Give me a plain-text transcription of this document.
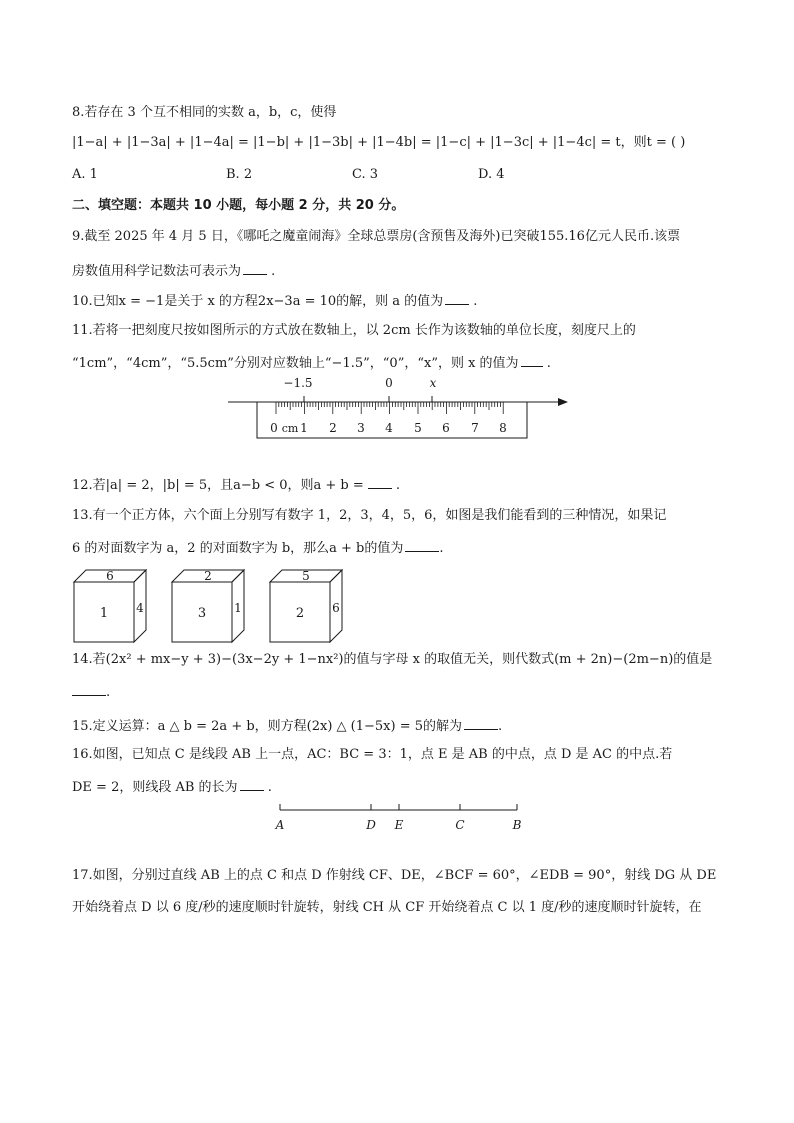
8.若存在 3 个互不相同的实数 a，b，c，使得
|1−a| + |1−3a| + |1−4a| = |1−b| + |1−3b| + |1−4b| = |1−c| + |1−3c| + |1−4c| = t，则t = ( )
A. 1	B. 2	C. 3	D. 4
二、填空题：本题共 10 小题，每小题 2 分，共 20 分。
9.截至 2025 年 4 月 5 日，《哪吒之魔童闹海》全球总票房(含预售及海外)已突破155.16亿元人民币.该票
房数值用科学记数法可表示为 .
10.已知x = −1是关于 x 的方程2x−3a = 10的解，则 a 的值为 .
11.若将一把刻度尺按如图所示的方式放在数轴上，以 2cm 长作为该数轴的单位长度，刻度尺上的
“1cm”，“4cm”，“5.5cm”分别对应数轴上“−1.5”，“0”，“x”，则 x 的值为 .
−1.5	0	x
0 cm 1 2 3 4 5 6 7 8
12.若|a| = 2，|b| = 5，且a−b < 0，则a + b = .
13.有一个正方体，六个面上分别写有数字 1，2，3，4，5，6，如图是我们能看到的三种情况，如果记
6 的对面数字为 a，2 的对面数字为 b，那么a + b的值为	.
6
1 4
2
3 1
5
2 6
14.若(2x² + mx−y + 3)−(3x−2y + 1−nx²)的值与字母 x 的取值无关，则代数式(m + 2n)−(2m−n)的值是
.
15.定义运算：a △ b = 2a + b，则方程(2x) △ (1−5x) = 5的解为	.
16.如图，已知点 C 是线段 AB 上一点，AC：BC = 3：1，点 E 是 AB 的中点，点 D 是 AC 的中点.若
DE = 2，则线段 AB 的长为 .
A	D E	C	B
17.如图，分别过直线 AB 上的点 C 和点 D 作射线 CF、DE，∠BCF = 60°，∠EDB = 90°，射线 DG 从 DE
开始绕着点 D 以 6 度/秒的速度顺时针旋转，射线 CH 从 CF 开始绕着点 C 以 1 度/秒的速度顺时针旋转，在
